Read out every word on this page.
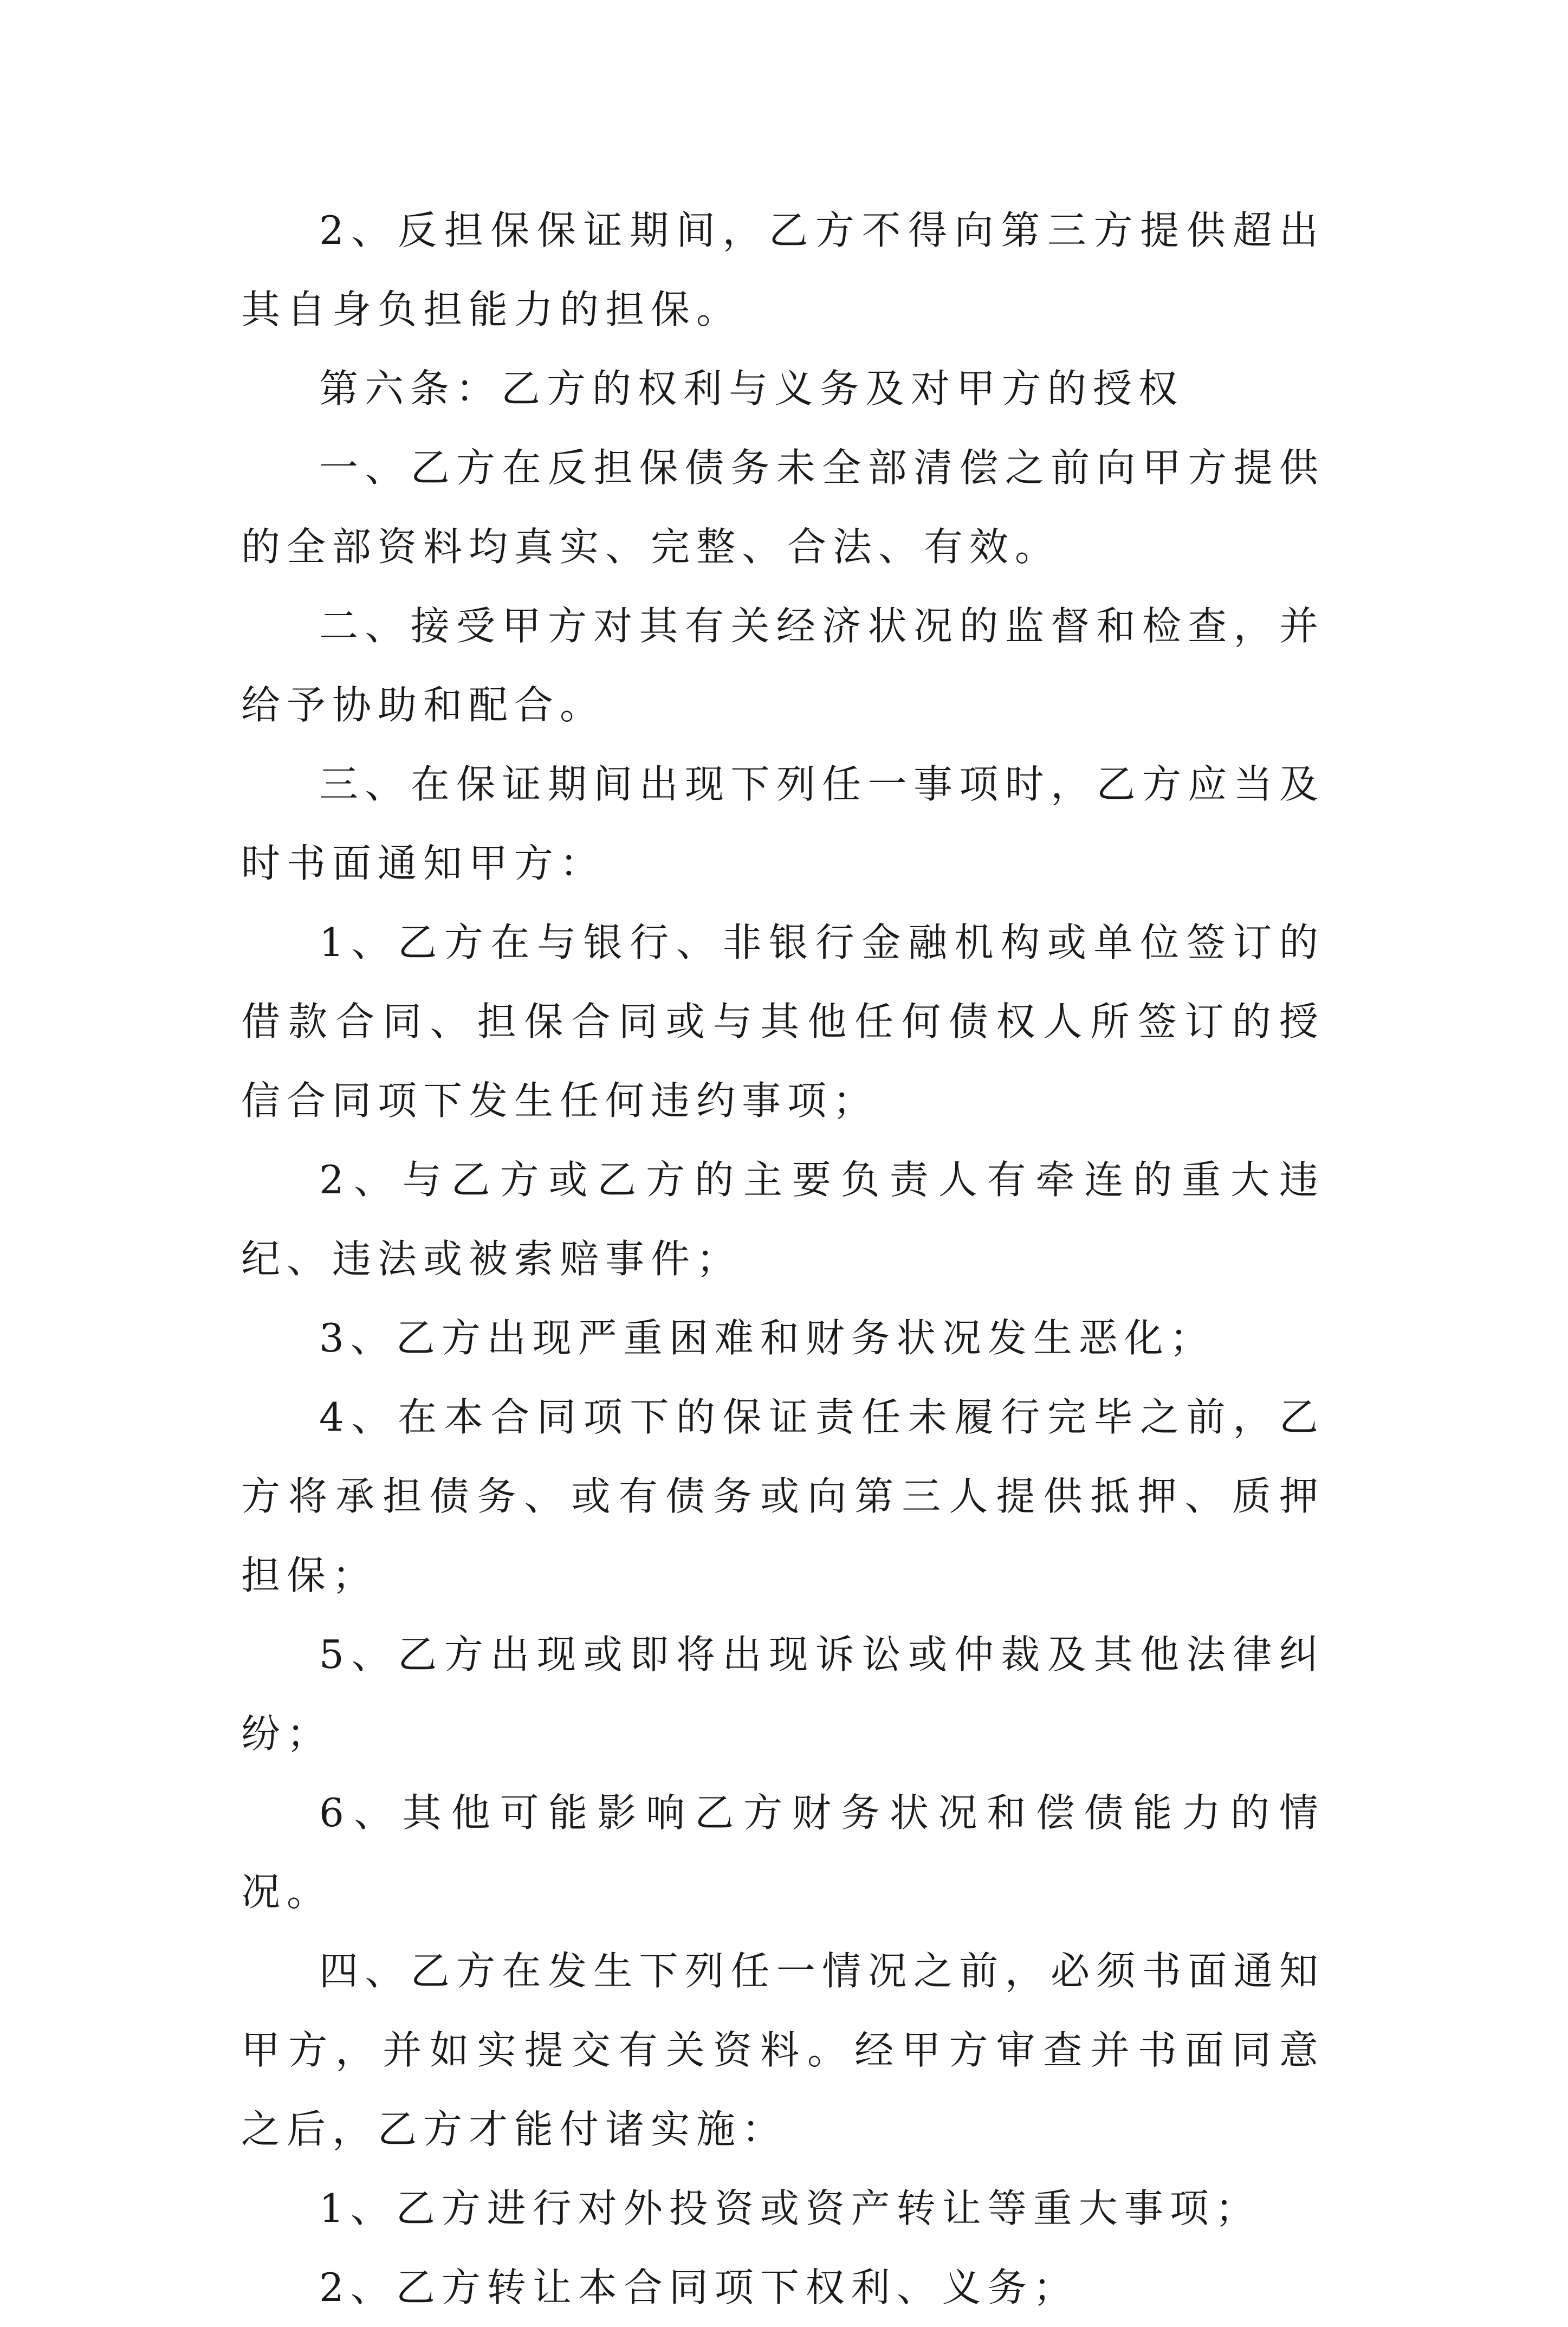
2、反担保保证期间，乙方不得向第三方提供超出其自身负担能力的担保。

第六条：乙方的权利与义务及对甲方的授权

一、乙方在反担保债务未全部清偿之前向甲方提供的全部资料均真实、完整、合法、有效。

二、接受甲方对其有关经济状况的监督和检查，并给予协助和配合。

三、在保证期间出现下列任一事项时，乙方应当及时书面通知甲方：

1、乙方在与银行、非银行金融机构或单位签订的借款合同、担保合同或与其他任何债权人所签订的授信合同项下发生任何违约事项；

2、与乙方或乙方的主要负责人有牵连的重大违纪、违法或被索赔事件；

3、乙方出现严重困难和财务状况发生恶化；

4、在本合同项下的保证责任未履行完毕之前，乙方将承担债务、或有债务或向第三人提供抵押、质押担保；

5、乙方出现或即将出现诉讼或仲裁及其他法律纠纷；

6、其他可能影响乙方财务状况和偿债能力的情况。

四、乙方在发生下列任一情况之前，必须书面通知甲方，并如实提交有关资料。经甲方审查并书面同意之后，乙方才能付诸实施：

1、乙方进行对外投资或资产转让等重大事项；

2、乙方转让本合同项下权利、义务；
